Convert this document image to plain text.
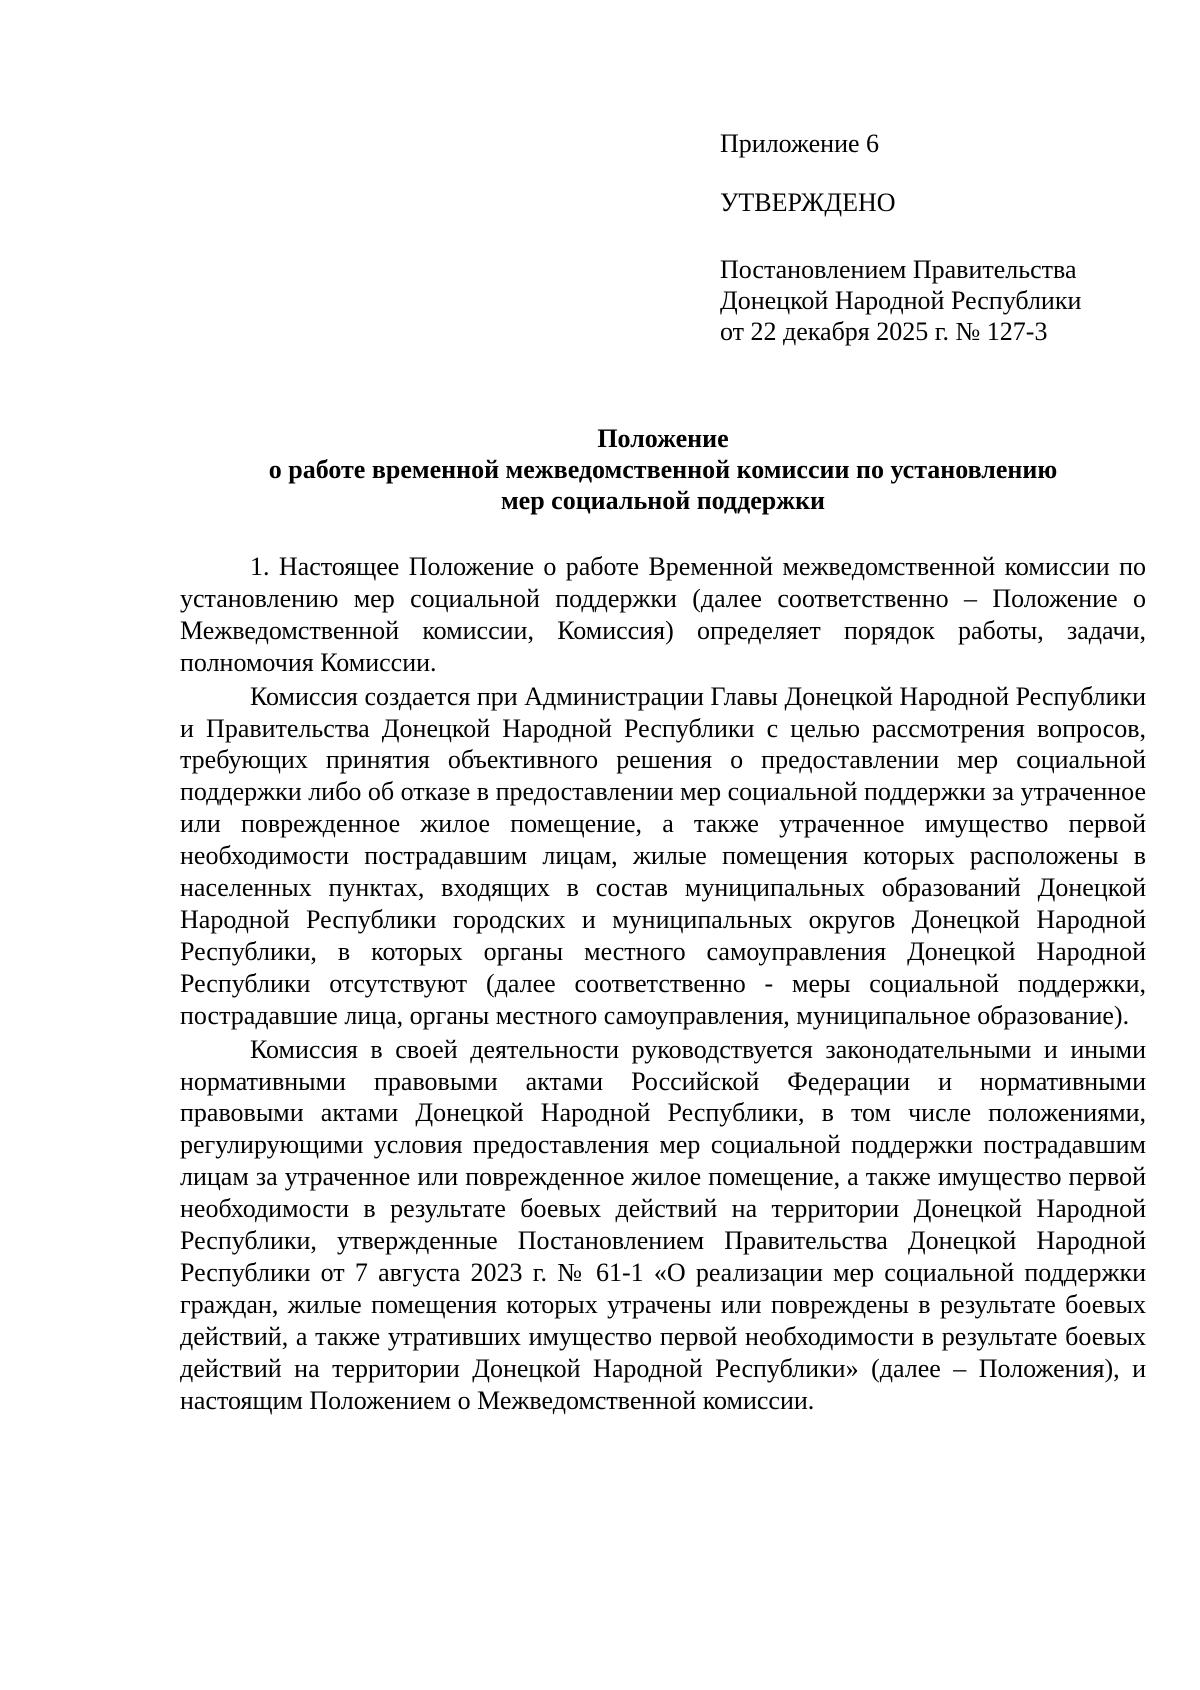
Приложение 6
УТВЕРЖДЕНО
Постановлением Правительства
Донецкой Народной Республики
от 22 декабря 2025 г. № 127-3
Положение
о работе временной межведомственной комиссии по установлению
мер социальной поддержки

1. Настоящее Положение о работе Временной межведомственной комиссии по установлению мер социальной поддержки (далее соответственно – Положение о Межведомственной комиссии, Комиссия) определяет порядок работы, задачи, полномочия Комиссии.

Комиссия создается при Администрации Главы Донецкой Народной Республики и Правительства Донецкой Народной Республики с целью рассмотрения вопросов, требующих принятия объективного решения о предоставлении мер социальной поддержки либо об отказе в предоставлении мер социальной поддержки за утраченное или поврежденное жилое помещение, а также утраченное имущество первой необходимости пострадавшим лицам, жилые помещения которых расположены в населенных пунктах, входящих в состав муниципальных образований Донецкой Народной Республики городских и муниципальных округов Донецкой Народной Республики, в которых органы местного самоуправления Донецкой Народной Республики отсутствуют (далее соответственно - меры социальной поддержки, пострадавшие лица, органы местного самоуправления, муниципальное образование).

Комиссия в своей деятельности руководствуется законодательными и иными нормативными правовыми актами Российской Федерации и нормативными правовыми актами Донецкой Народной Республики, в том числе положениями, регулирующими условия предоставления мер социальной поддержки пострадавшим лицам за утраченное или поврежденное жилое помещение, а также имущество первой необходимости в результате боевых действий на территории Донецкой Народной Республики, утвержденные Постановлением Правительства Донецкой Народной Республики от 7 августа 2023 г. № 61-1 «О реализации мер социальной поддержки граждан, жилые помещения которых утрачены или повреждены в результате боевых действий, а также утративших имущество первой необходимости в результате боевых действий на территории Донецкой Народной Республики» (далее – Положения), и настоящим Положением о Межведомственной комиссии.
